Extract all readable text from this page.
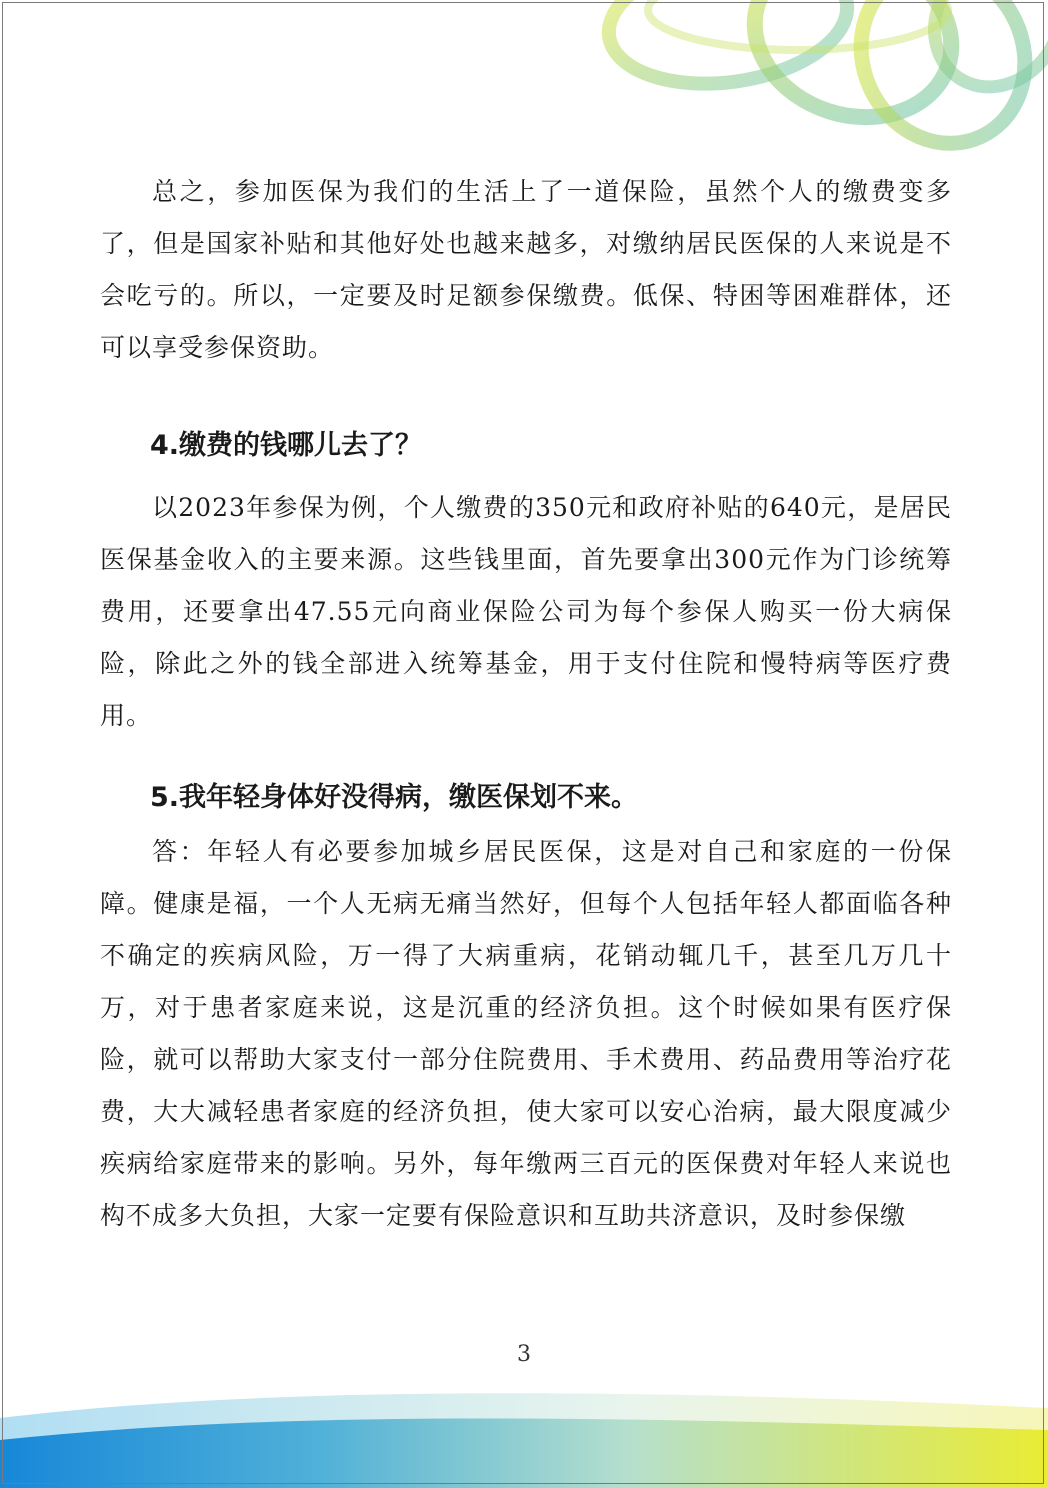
总之，参加医保为我们的生活上了一道保险，虽然个人的缴费变多了，但是国家补贴和其他好处也越来越多，对缴纳居民医保的人来说是不会吃亏的。所以，一定要及时足额参保缴费。低保、特困等困难群体，还可以享受参保资助。

4.缴费的钱哪儿去了？

以2023年参保为例，个人缴费的350元和政府补贴的640元，是居民医保基金收入的主要来源。这些钱里面，首先要拿出300元作为门诊统筹费用，还要拿出47.55元向商业保险公司为每个参保人购买一份大病保险，除此之外的钱全部进入统筹基金，用于支付住院和慢特病等医疗费用。

5.我年轻身体好没得病，缴医保划不来。

答：年轻人有必要参加城乡居民医保，这是对自己和家庭的一份保障。健康是福，一个人无病无痛当然好，但每个人包括年轻人都面临各种不确定的疾病风险，万一得了大病重病，花销动辄几千，甚至几万几十万，对于患者家庭来说，这是沉重的经济负担。这个时候如果有医疗保险，就可以帮助大家支付一部分住院费用、手术费用、药品费用等治疗花费，大大减轻患者家庭的经济负担，使大家可以安心治病，最大限度减少疾病给家庭带来的影响。另外，每年缴两三百元的医保费对年轻人来说也构不成多大负担，大家一定要有保险意识和互助共济意识，及时参保缴

3
